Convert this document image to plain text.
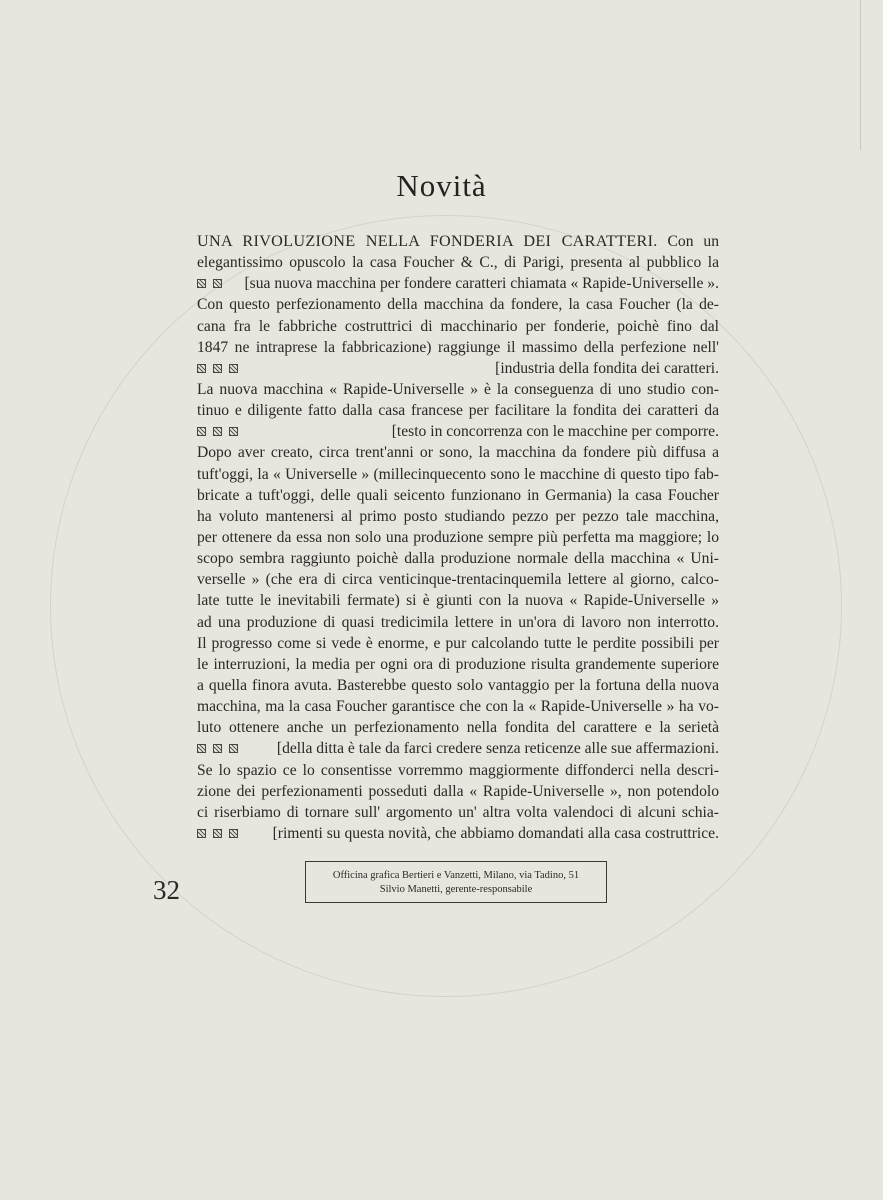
Novità
UNA RIVOLUZIONE NELLA FONDERIA DEI CARATTERI. Con un
elegantissimo opuscolo la casa Foucher & C., di Parigi, presenta al pubblico la
[sua nuova macchina per fondere caratteri chiamata « Rapide-Universelle ».
Con questo perfezionamento della macchina da fondere, la casa Foucher (la de-
cana fra le fabbriche costruttrici di macchinario per fonderie, poichè fino dal
1847 ne intraprese la fabbricazione) raggiunge il massimo della perfezione nell'
[industria della fondita dei caratteri.
La nuova macchina « Rapide-Universelle » è la conseguenza di uno studio con-
tinuo e diligente fatto dalla casa francese per facilitare la fondita dei caratteri da
[testo in concorrenza con le macchine per comporre.
Dopo aver creato, circa trent'anni or sono, la macchina da fondere più diffusa a
tuft'oggi, la « Universelle » (millecinquecento sono le macchine di questo tipo fab-
bricate a tuft'oggi, delle quali seicento funzionano in Germania) la casa Foucher
ha voluto mantenersi al primo posto studiando pezzo per pezzo tale macchina,
per ottenere da essa non solo una produzione sempre più perfetta ma maggiore; lo
scopo sembra raggiunto poichè dalla produzione normale della macchina « Uni-
verselle » (che era di circa venticinque-trentacinquemila lettere al giorno, calco-
late tutte le inevitabili fermate) si è giunti con la nuova « Rapide-Universelle »
ad una produzione di quasi tredicimila lettere in un'ora di lavoro non interrotto.
Il progresso come si vede è enorme, e pur calcolando tutte le perdite possibili per
le interruzioni, la media per ogni ora di produzione risulta grandemente superiore
a quella finora avuta. Basterebbe questo solo vantaggio per la fortuna della nuova
macchina, ma la casa Foucher garantisce che con la « Rapide-Universelle » ha vo-
luto ottenere anche un perfezionamento nella fondita del carattere e la serietà
[della ditta è tale da farci credere senza reticenze alle sue affermazioni.
Se lo spazio ce lo consentisse vorremmo maggiormente diffonderci nella descri-
zione dei perfezionamenti posseduti dalla « Rapide-Universelle », non potendolo
ci riserbiamo di tornare sull' argomento un' altra volta valendoci di alcuni schia-
[rimenti su questa novità, che abbiamo domandati alla casa costruttrice.

32	Officina grafica Bertieri e Vanzetti, Milano, via Tadino, 51
Silvio Manetti, gerente-responsabile
